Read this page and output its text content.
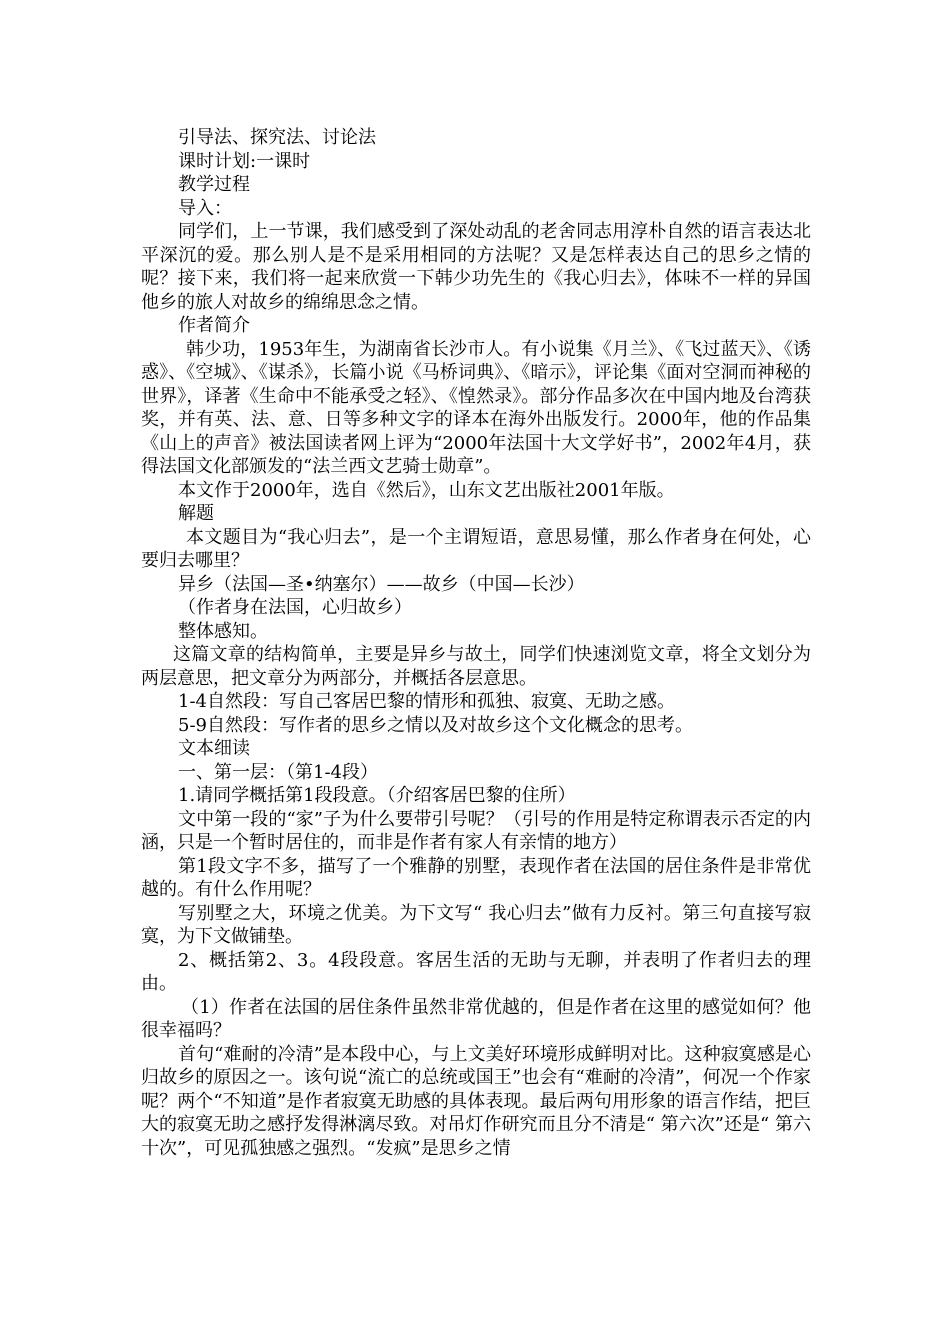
引导法、探究法、讨论法

课时计划:一课时

教学过程

导入：

同学们，上一节课，我们感受到了深处动乱的老舍同志用淳朴自然的语言表达北平深沉的爱。那么别人是不是采用相同的方法呢？又是怎样表达自己的思乡之情的呢？接下来，我们将一起来欣赏一下韩少功先生的《我心归去》，体味不一样的异国他乡的旅人对故乡的绵绵思念之情。

作者简介

韩少功，1953年生，为湖南省长沙市人。有小说集《月兰》、《飞过蓝天》、《诱惑》、《空城》、《谋杀》，长篇小说《马桥词典》、《暗示》，评论集《面对空洞而神秘的世界》，译著《生命中不能承受之轻》、《惶然录》。部分作品多次在中国内地及台湾获奖，并有英、法、意、日等多种文字的译本在海外出版发行。2000年，他的作品集《山上的声音》被法国读者网上评为“2000年法国十大文学好书”，2002年4月，获得法国文化部颁发的“法兰西文艺骑士勋章”。

本文作于2000年，选自《然后》，山东文艺出版社2001年版。

解题

本文题目为“我心归去”，是一个主谓短语，意思易懂，那么作者身在何处，心要归去哪里？

异乡（法国—圣•纳塞尔）——故乡（中国—长沙）

（作者身在法国，心归故乡）

整体感知。

这篇文章的结构简单，主要是异乡与故土，同学们快速浏览文章，将全文划分为两层意思，把文章分为两部分，并概括各层意思。

1-4自然段：写自己客居巴黎的情形和孤独、寂寞、无助之感。

5-9自然段：写作者的思乡之情以及对故乡这个文化概念的思考。

文本细读

一、第一层：（第1-4段）

1.请同学概括第1段段意。（介绍客居巴黎的住所）

文中第一段的“家”子为什么要带引号呢？（引号的作用是特定称谓表示否定的内涵，只是一个暂时居住的，而非是作者有家人有亲情的地方）

第1段文字不多，描写了一个雅静的别墅，表现作者在法国的居住条件是非常优越的。有什么作用呢？

写别墅之大，环境之优美。为下文写“ 我心归去”做有力反衬。第三句直接写寂寞，为下文做铺垫。

2、概括第2、3。4段段意。客居生活的无助与无聊，并表明了作者归去的理由。

（1）作者在法国的居住条件虽然非常优越的，但是作者在这里的感觉如何？他很幸福吗？

首句“难耐的冷清”是本段中心，与上文美好环境形成鲜明对比。这种寂寞感是心归故乡的原因之一。该句说“流亡的总统或国王”也会有“难耐的冷清”，何况一个作家呢？两个“不知道”是作者寂寞无助感的具体表现。最后两句用形象的语言作结，把巨大的寂寞无助之感抒发得淋漓尽致。对吊灯作研究而且分不清是“ 第六次”还是“ 第六十次”，可见孤独感之强烈。“发疯”是思乡之情
